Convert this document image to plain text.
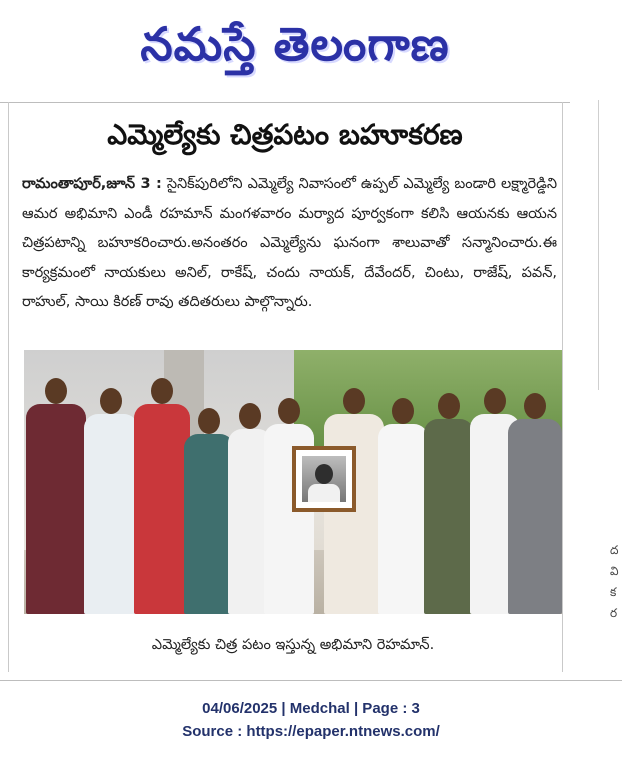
నమస్తే తెలంగాణ
ద వి క ర
ఎమ్మెల్యేకు చిత్రపటం బహూకరణ
రామంతాపూర్,జూన్ 3 : సైనిక్‌పురిలోని ఎమ్మెల్యే నివాసంలో ఉప్పల్ ఎమ్మెల్యే బండారి లక్ష్మారెడ్డిని ఆమర అభిమాని ఎండీ రహమాన్ మంగళవారం మర్యాద పూర్వకంగా కలిసి ఆయనకు ఆయన చిత్రపటాన్ని బహూకరించారు.అనంతరం ఎమ్మెల్యేను ఘనంగా శాలువాతో సన్మానించారు.ఈ కార్యక్రమంలో నాయకులు అనిల్, రాకేష్, చందు నాయక్, దేవేందర్, చింటు, రాజేష్, పవన్, రాహుల్, సాయి కిరణ్ రావు తదితరులు పాల్గొన్నారు.
ఎమ్మెల్యేకు చిత్ర పటం ఇస్తున్న అభిమాని రెహమాన్.
04/06/2025 | Medchal | Page : 3
Source : https://epaper.ntnews.com/
